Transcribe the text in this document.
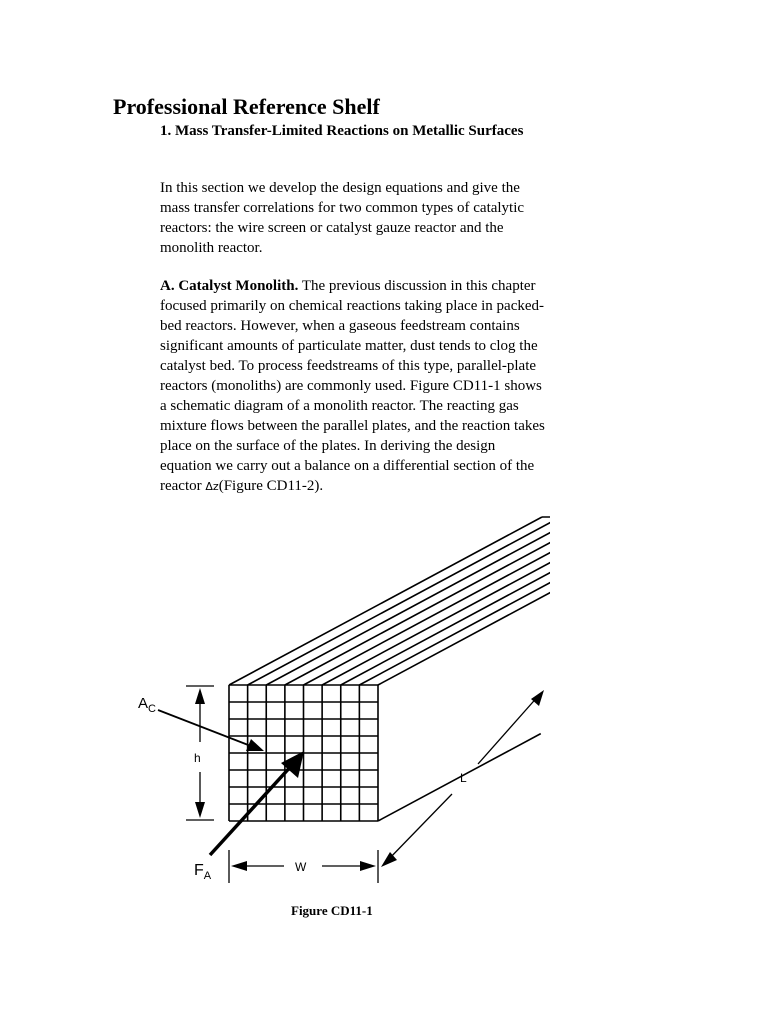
Professional Reference Shelf
1. Mass Transfer-Limited Reactions on Metallic Surfaces

In this section we develop the design equations and give the mass transfer correlations for two common types of catalytic reactors: the wire screen or catalyst gauze reactor and the monolith reactor.

A. Catalyst Monolith. The previous discussion in this chapter focused primarily on chemical reactions taking place in packed-bed reactors. However, when a gaseous feedstream contains significant amounts of particulate matter, dust tends to clog the catalyst bed. To process feedstreams of this type, parallel-plate reactors (monoliths) are commonly used. Figure CD11-1 shows a schematic diagram of a monolith reactor. The reacting gas mixture flows between the parallel plates, and the reaction takes place on the surface of the plates. In deriving the design equation we carry out a balance on a differential section of the reactor Δz(Figure CD11-2).

$A_C$
h
L
W
$F_A$

Figure CD11-1
